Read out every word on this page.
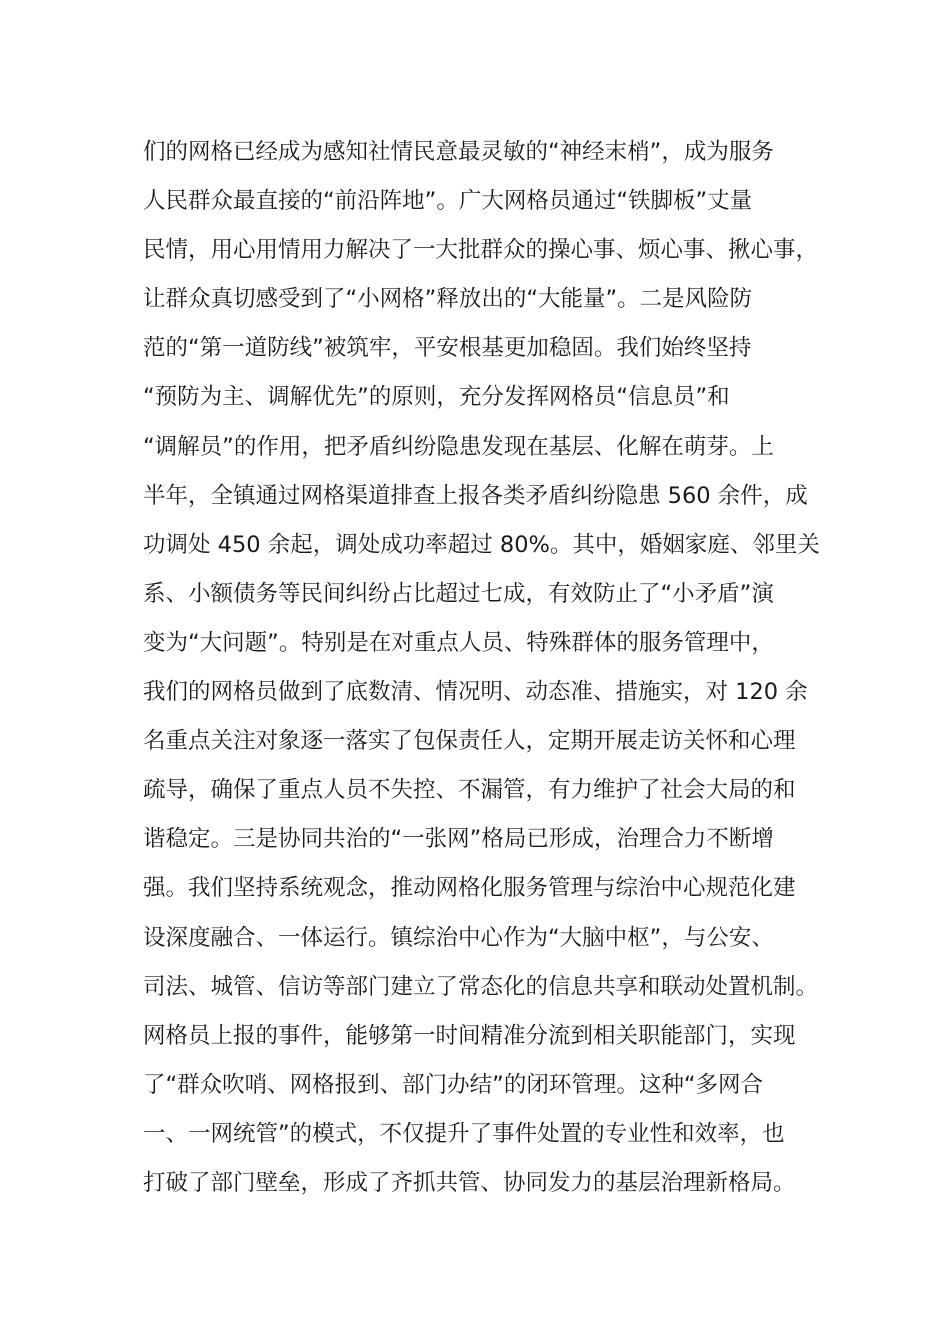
们的网格已经成为感知社情民意最灵敏的“神经末梢”，成为服务
人民群众最直接的“前沿阵地”。广大网格员通过“铁脚板”丈量
民情，用心用情用力解决了一大批群众的操心事、烦心事、揪心事，
让群众真切感受到了“小网格”释放出的“大能量”。二是风险防
范的“第一道防线”被筑牢，平安根基更加稳固。我们始终坚持
“预防为主、调解优先”的原则，充分发挥网格员“信息员”和
“调解员”的作用，把矛盾纠纷隐患发现在基层、化解在萌芽。上
半年，全镇通过网格渠道排查上报各类矛盾纠纷隐患 560 余件，成
功调处 450 余起，调处成功率超过 80%。其中，婚姻家庭、邻里关
系、小额债务等民间纠纷占比超过七成，有效防止了“小矛盾”演
变为“大问题”。特别是在对重点人员、特殊群体的服务管理中，
我们的网格员做到了底数清、情况明、动态准、措施实，对 120 余
名重点关注对象逐一落实了包保责任人，定期开展走访关怀和心理
疏导，确保了重点人员不失控、不漏管，有力维护了社会大局的和
谐稳定。三是协同共治的“一张网”格局已形成，治理合力不断增
强。我们坚持系统观念，推动网格化服务管理与综治中心规范化建
设深度融合、一体运行。镇综治中心作为“大脑中枢”，与公安、
司法、城管、信访等部门建立了常态化的信息共享和联动处置机制。
网格员上报的事件，能够第一时间精准分流到相关职能部门，实现
了“群众吹哨、网格报到、部门办结”的闭环管理。这种“多网合
一、一网统管”的模式，不仅提升了事件处置的专业性和效率，也
打破了部门壁垒，形成了齐抓共管、协同发力的基层治理新格局。
